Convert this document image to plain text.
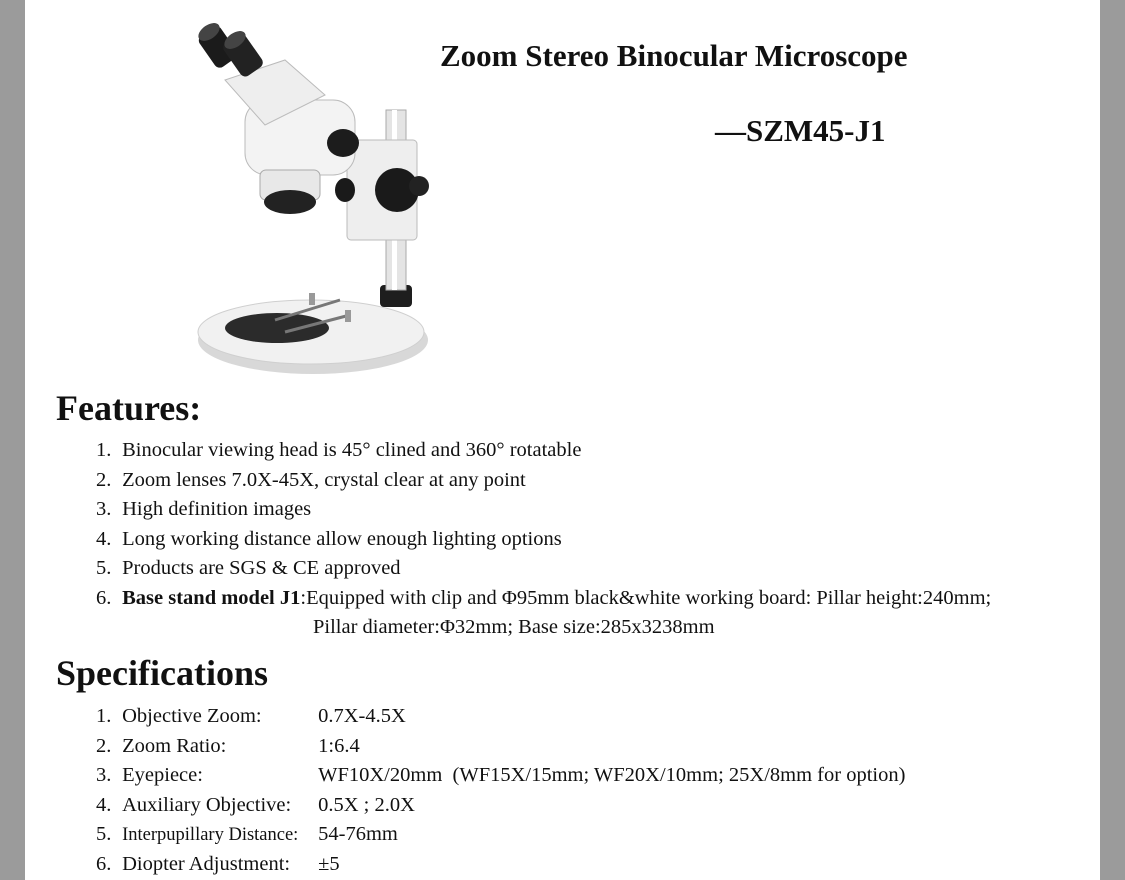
Zoom Stereo Binocular Microscope
—SZM45-J1
Features:
1. Binocular viewing head is 45° clined and 360° rotatable
2. Zoom lenses 7.0X-45X, crystal clear at any point
3. High definition images
4. Long working distance allow enough lighting options
5. Products are SGS & CE approved
6. Base stand model J1:Equipped with clip and Φ95mm black&white working board: Pillar height:240mm;
Pillar diameter:Φ32mm; Base size:285x3238mm
Specifications
1. Objective Zoom:	0.7X-4.5X
2. Zoom Ratio:	1:6.4
3. Eyepiece:	WF10X/20mm  (WF15X/15mm; WF20X/10mm; 25X/8mm for option)
4. Auxiliary Objective: 0.5X ; 2.0X
5. Interpupillary Distance: 54-76mm
6. Diopter Adjustment: ±5
